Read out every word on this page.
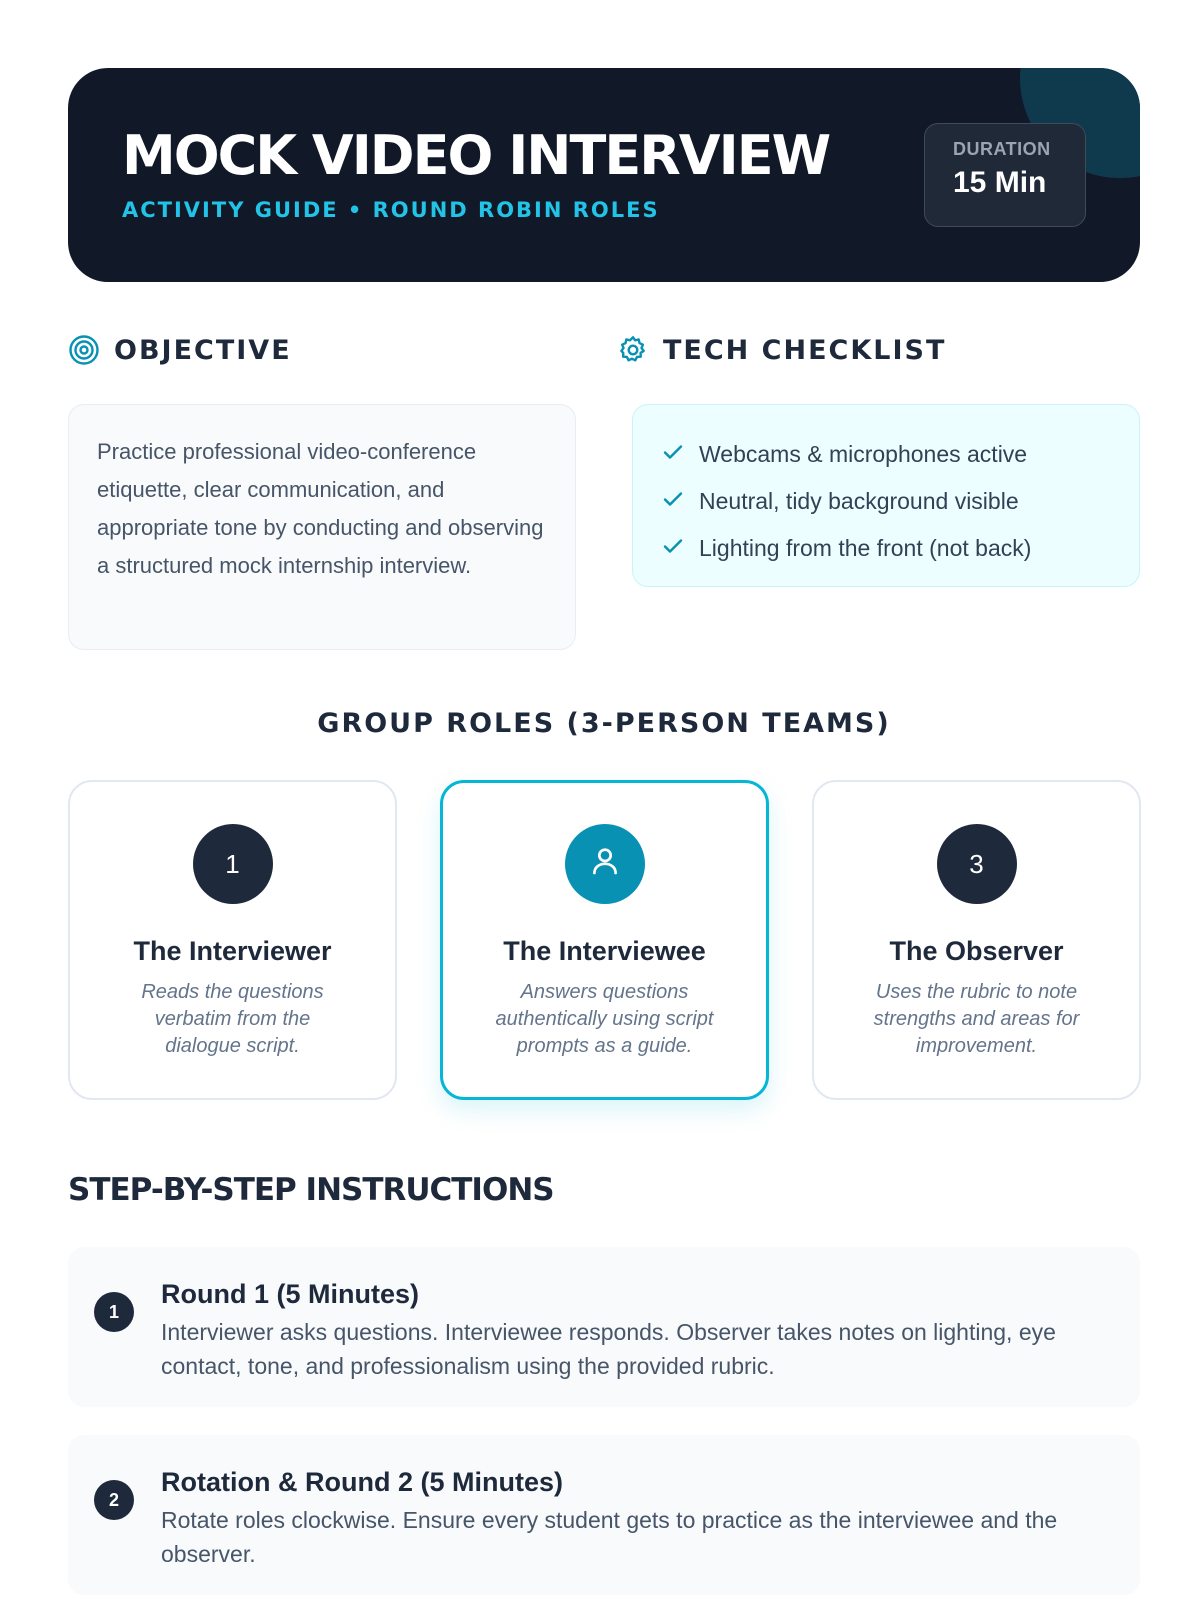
MOCK VIDEO INTERVIEW
ACTIVITY GUIDE • ROUND ROBIN ROLES
DURATION
15 Min
OBJECTIVE
Practice professional video-conference etiquette, clear communication, and appropriate tone by conducting and observing a structured mock internship interview.
TECH CHECKLIST
Webcams & microphones active
Neutral, tidy background visible
Lighting from the front (not back)
GROUP ROLES (3-PERSON TEAMS)
1
The Interviewer
Reads the questions verbatim from the dialogue script.
The Interviewee
Answers questions authentically using script prompts as a guide.
3
The Observer
Uses the rubric to note strengths and areas for improvement.
STEP-BY-STEP INSTRUCTIONS
1
Round 1 (5 Minutes)
Interviewer asks questions. Interviewee responds. Observer takes notes on lighting, eye contact, tone, and professionalism using the provided rubric.
2
Rotation & Round 2 (5 Minutes)
Rotate roles clockwise. Ensure every student gets to practice as the interviewee and the observer.
